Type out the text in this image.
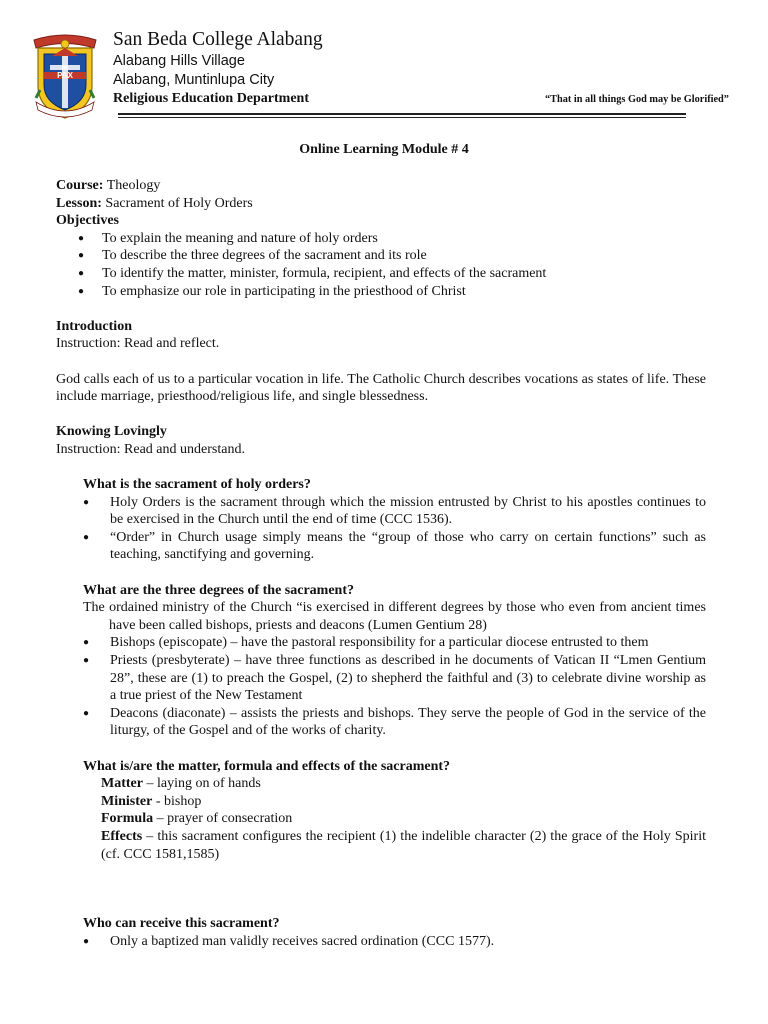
PAX
San Beda College Alabang
Alabang Hills Village
Alabang, Muntinlupa City
Religious Education Department	“That in all things God may be Glorified”
Online Learning Module # 4

Course: Theology

Lesson: Sacrament of Holy Orders

Objectives

● To explain the meaning and nature of holy orders
● To describe the three degrees of the sacrament and its role
● To identify the matter, minister, formula, recipient, and effects of the sacrament
● To emphasize our role in participating in the priesthood of Christ

Introduction

Instruction: Read and reflect.

God calls each of us to a particular vocation in life. The Catholic Church describes vocations as states of life. These include marriage, priesthood/religious life, and single blessedness.

Knowing Lovingly

Instruction: Read and understand.

What is the sacrament of holy orders?

● Holy Orders is the sacrament through which the mission entrusted by Christ to his apostles continues to be exercised in the Church until the end of time (CCC 1536).
● “Order” in Church usage simply means the “group of those who carry on certain functions” such as teaching, sanctifying and governing.

What are the three degrees of the sacrament?

The ordained ministry of the Church “is exercised in different degrees by those who even from ancient times have been called bishops, priests and deacons (Lumen Gentium 28)

● Bishops (episcopate) – have the pastoral responsibility for a particular diocese entrusted to them
● Priests (presbyterate) – have three functions as described in he documents of Vatican II “Lmen Gentium 28”, these are (1) to preach the Gospel, (2) to shepherd the faithful and (3) to celebrate divine worship as a true priest of the New Testament
● Deacons (diaconate) – assists the priests and bishops. They serve the people of God in the service of the liturgy, of the Gospel and of the works of charity.

What is/are the matter, formula and effects of the sacrament?

Matter – laying on of hands

Minister - bishop

Formula – prayer of consecration

Effects – this sacrament configures the recipient (1) the indelible character (2) the grace of the Holy Spirit (cf. CCC 1581,1585)

Who can receive this sacrament?

● Only a baptized man validly receives sacred ordination (CCC 1577).
